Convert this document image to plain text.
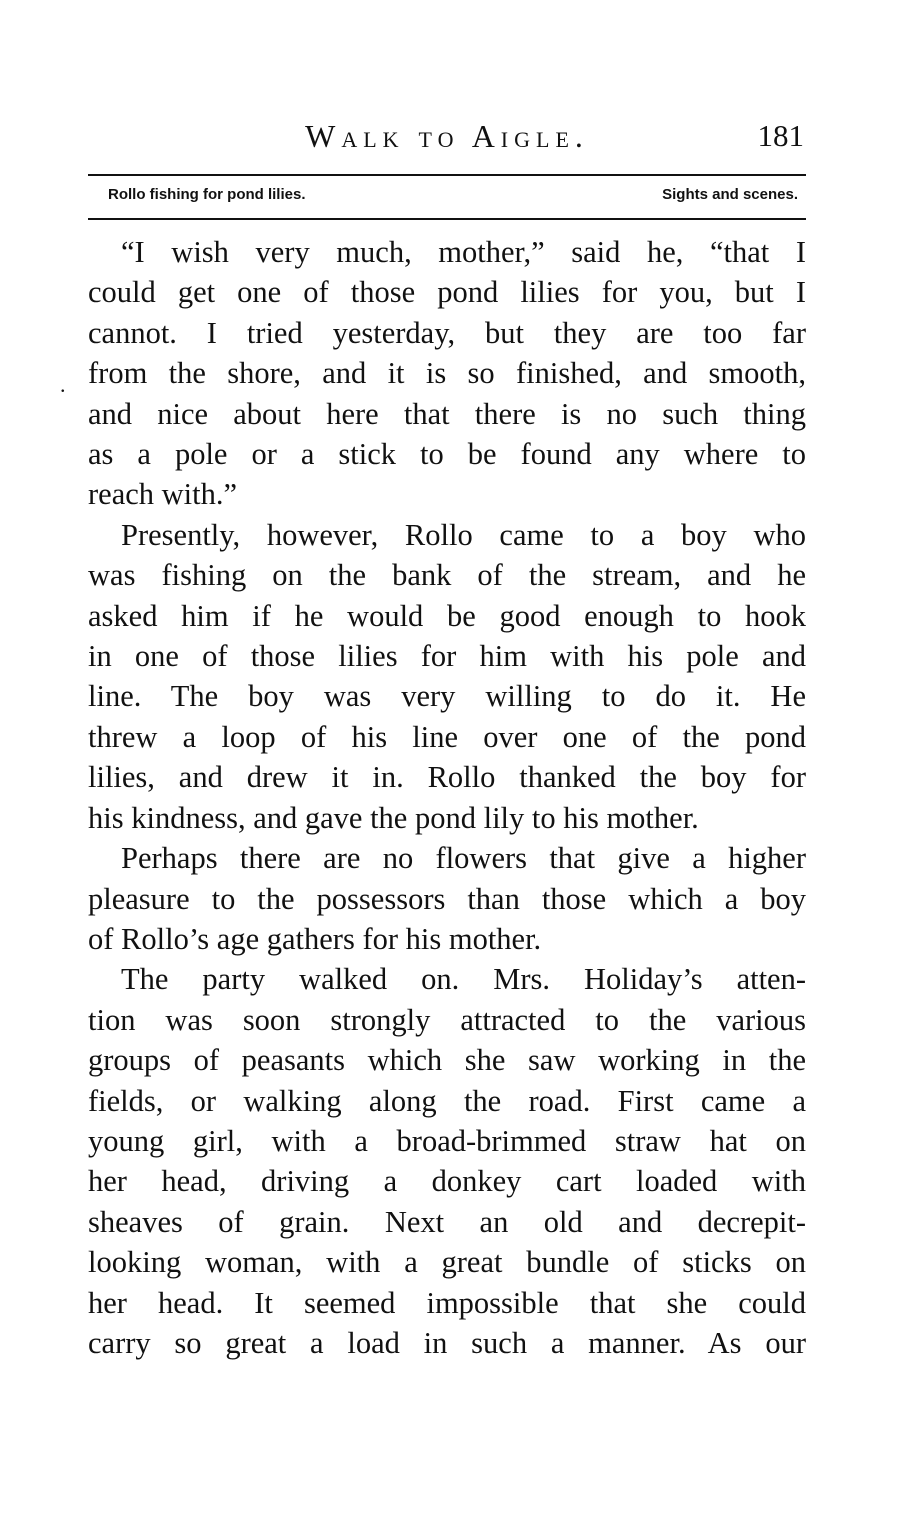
Walk to Aigle.	181
Rollo fishing for pond lilies.	Sights and scenes.
.

“I wish very much, mother,” said he, “that I
could get one of those pond lilies for you, but I
cannot. I tried yesterday, but they are too far
from the shore, and it is so finished, and smooth,
and nice about here that there is no such thing
as a pole or a stick to be found any where to
reach with.”

Presently, however, Rollo came to a boy who
was fishing on the bank of the stream, and he
asked him if he would be good enough to hook
in one of those lilies for him with his pole and
line. The boy was very willing to do it. He
threw a loop of his line over one of the pond
lilies, and drew it in. Rollo thanked the boy for
his kindness, and gave the pond lily to his mother.

Perhaps there are no flowers that give a higher
pleasure to the possessors than those which a boy
of Rollo’s age gathers for his mother.

The party walked on. Mrs. Holiday’s atten-
tion was soon strongly attracted to the various
groups of peasants which she saw working in the
fields, or walking along the road. First came a
young girl, with a broad-brimmed straw hat on
her head, driving a donkey cart loaded with
sheaves of grain. Next an old and decrepit-
looking woman, with a great bundle of sticks on
her head. It seemed impossible that she could
carry so great a load in such a manner. As our
